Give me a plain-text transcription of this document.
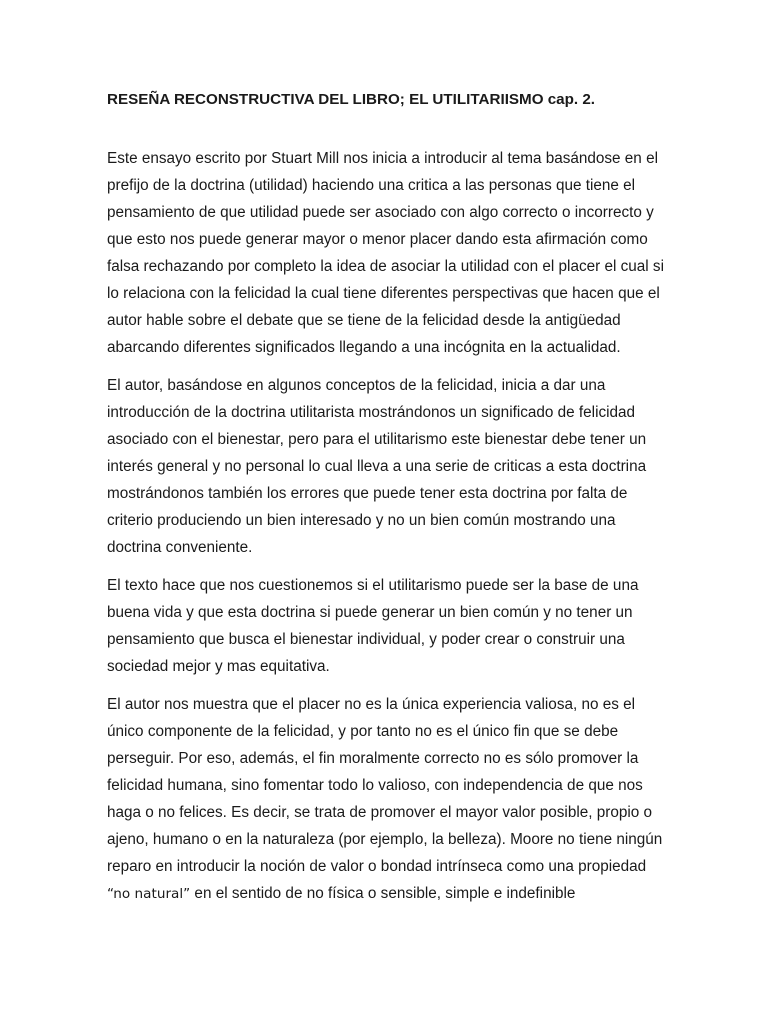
RESEÑA RECONSTRUCTIVA DEL LIBRO; EL UTILITARIISMO cap. 2.

Este ensayo escrito por Stuart Mill nos inicia a introducir al tema basándose en el
prefijo de la doctrina (utilidad) haciendo una critica a las personas que tiene el
pensamiento de que utilidad puede ser asociado con algo correcto o incorrecto y
que esto nos puede generar mayor o menor placer dando esta afirmación como
falsa rechazando por completo la idea de asociar la utilidad con el placer el cual si
lo relaciona con la felicidad la cual tiene diferentes perspectivas que hacen que el
autor hable sobre el debate que se tiene de la felicidad desde la antigüedad
abarcando diferentes significados llegando a una incógnita en la actualidad.

El autor, basándose en algunos conceptos de la felicidad, inicia a dar una
introducción de la doctrina utilitarista mostrándonos un significado de felicidad
asociado con el bienestar, pero para el utilitarismo este bienestar debe tener un
interés general y no personal lo cual lleva a una serie de criticas a esta doctrina
mostrándonos también los errores que puede tener esta doctrina por falta de
criterio produciendo un bien interesado y no un bien común mostrando una
doctrina conveniente.

El texto hace que nos cuestionemos si el utilitarismo puede ser la base de una
buena vida y que esta doctrina si puede generar un bien común y no tener un
pensamiento que busca el bienestar individual, y poder crear o construir una
sociedad mejor y mas equitativa.

El autor nos muestra que el placer no es la única experiencia valiosa, no es el
único componente de la felicidad, y por tanto no es el único fin que se debe
perseguir. Por eso, además, el fin moralmente correcto no es sólo promover la
felicidad humana, sino fomentar todo lo valioso, con independencia de que nos
haga o no felices. Es decir, se trata de promover el mayor valor posible, propio o
ajeno, humano o en la naturaleza (por ejemplo, la belleza). Moore no tiene ningún
reparo en introducir la noción de valor o bondad intrínseca como una propiedad
“no natural” en el sentido de no física o sensible, simple e indefinible
